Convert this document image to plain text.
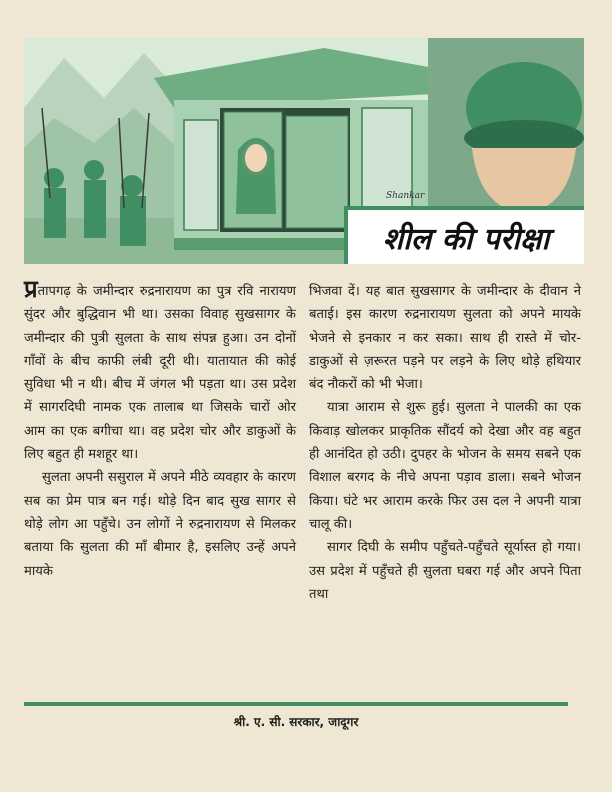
Shankar
शील की परीक्षा

प्रतापगढ़ के जमीन्दार रुद्रनारायण का पुत्र रवि नारायण सुंदर और बुद्धिवान भी था। उसका विवाह सुखसागर के जमीन्दार की पुत्री सुलता के साथ संपन्न हुआ। उन दोनों गाँवों के बीच काफी लंबी दूरी थी। यातायात की कोई सुविधा भी न थी। बीच में जंगल भी पड़ता था। उस प्रदेश में सागरदिघी नामक एक तालाब था जिसके चारों ओर आम का एक बगीचा था। वह प्रदेश चोर और डाकुओं के लिए बहुत ही मशहूर था।

सुलता अपनी ससुराल में अपने मीठे व्यवहार के कारण सब का प्रेम पात्र बन गई। थोड़े दिन बाद सुख सागर से थोड़े लोग आ पहुँचे। उन लोगों ने रुद्रनारायण से मिलकर बताया कि सुलता की माँ बीमार है, इसलिए उन्हें अपने मायके

भिजवा दें। यह बात सुखसागर के जमीन्दार के दीवान ने बताई। इस कारण रुद्रनारायण सुलता को अपने मायके भेजने से इनकार न कर सका। साथ ही रास्ते में चोर-डाकुओं से ज़रूरत पड़ने पर लड़ने के लिए थोड़े हथियार बंद नौकरों को भी भेजा।

यात्रा आराम से शुरू हुई। सुलता ने पालकी का एक किवाड़ खोलकर प्राकृतिक सौंदर्य को देखा और वह बहुत ही आनंदित हो उठी। दुपहर के भोजन के समय सबने एक विशाल बरगद के नीचे अपना पड़ाव डाला। सबने भोजन किया। घंटे भर आराम करके फिर उस दल ने अपनी यात्रा चालू की।

सागर दिघी के समीप पहुँचते-पहुँचते सूर्यास्त हो गया। उस प्रदेश में पहुँचते ही सुलता घबरा गई और अपने पिता तथा

श्री. ए. सी. सरकार, जादूगर
